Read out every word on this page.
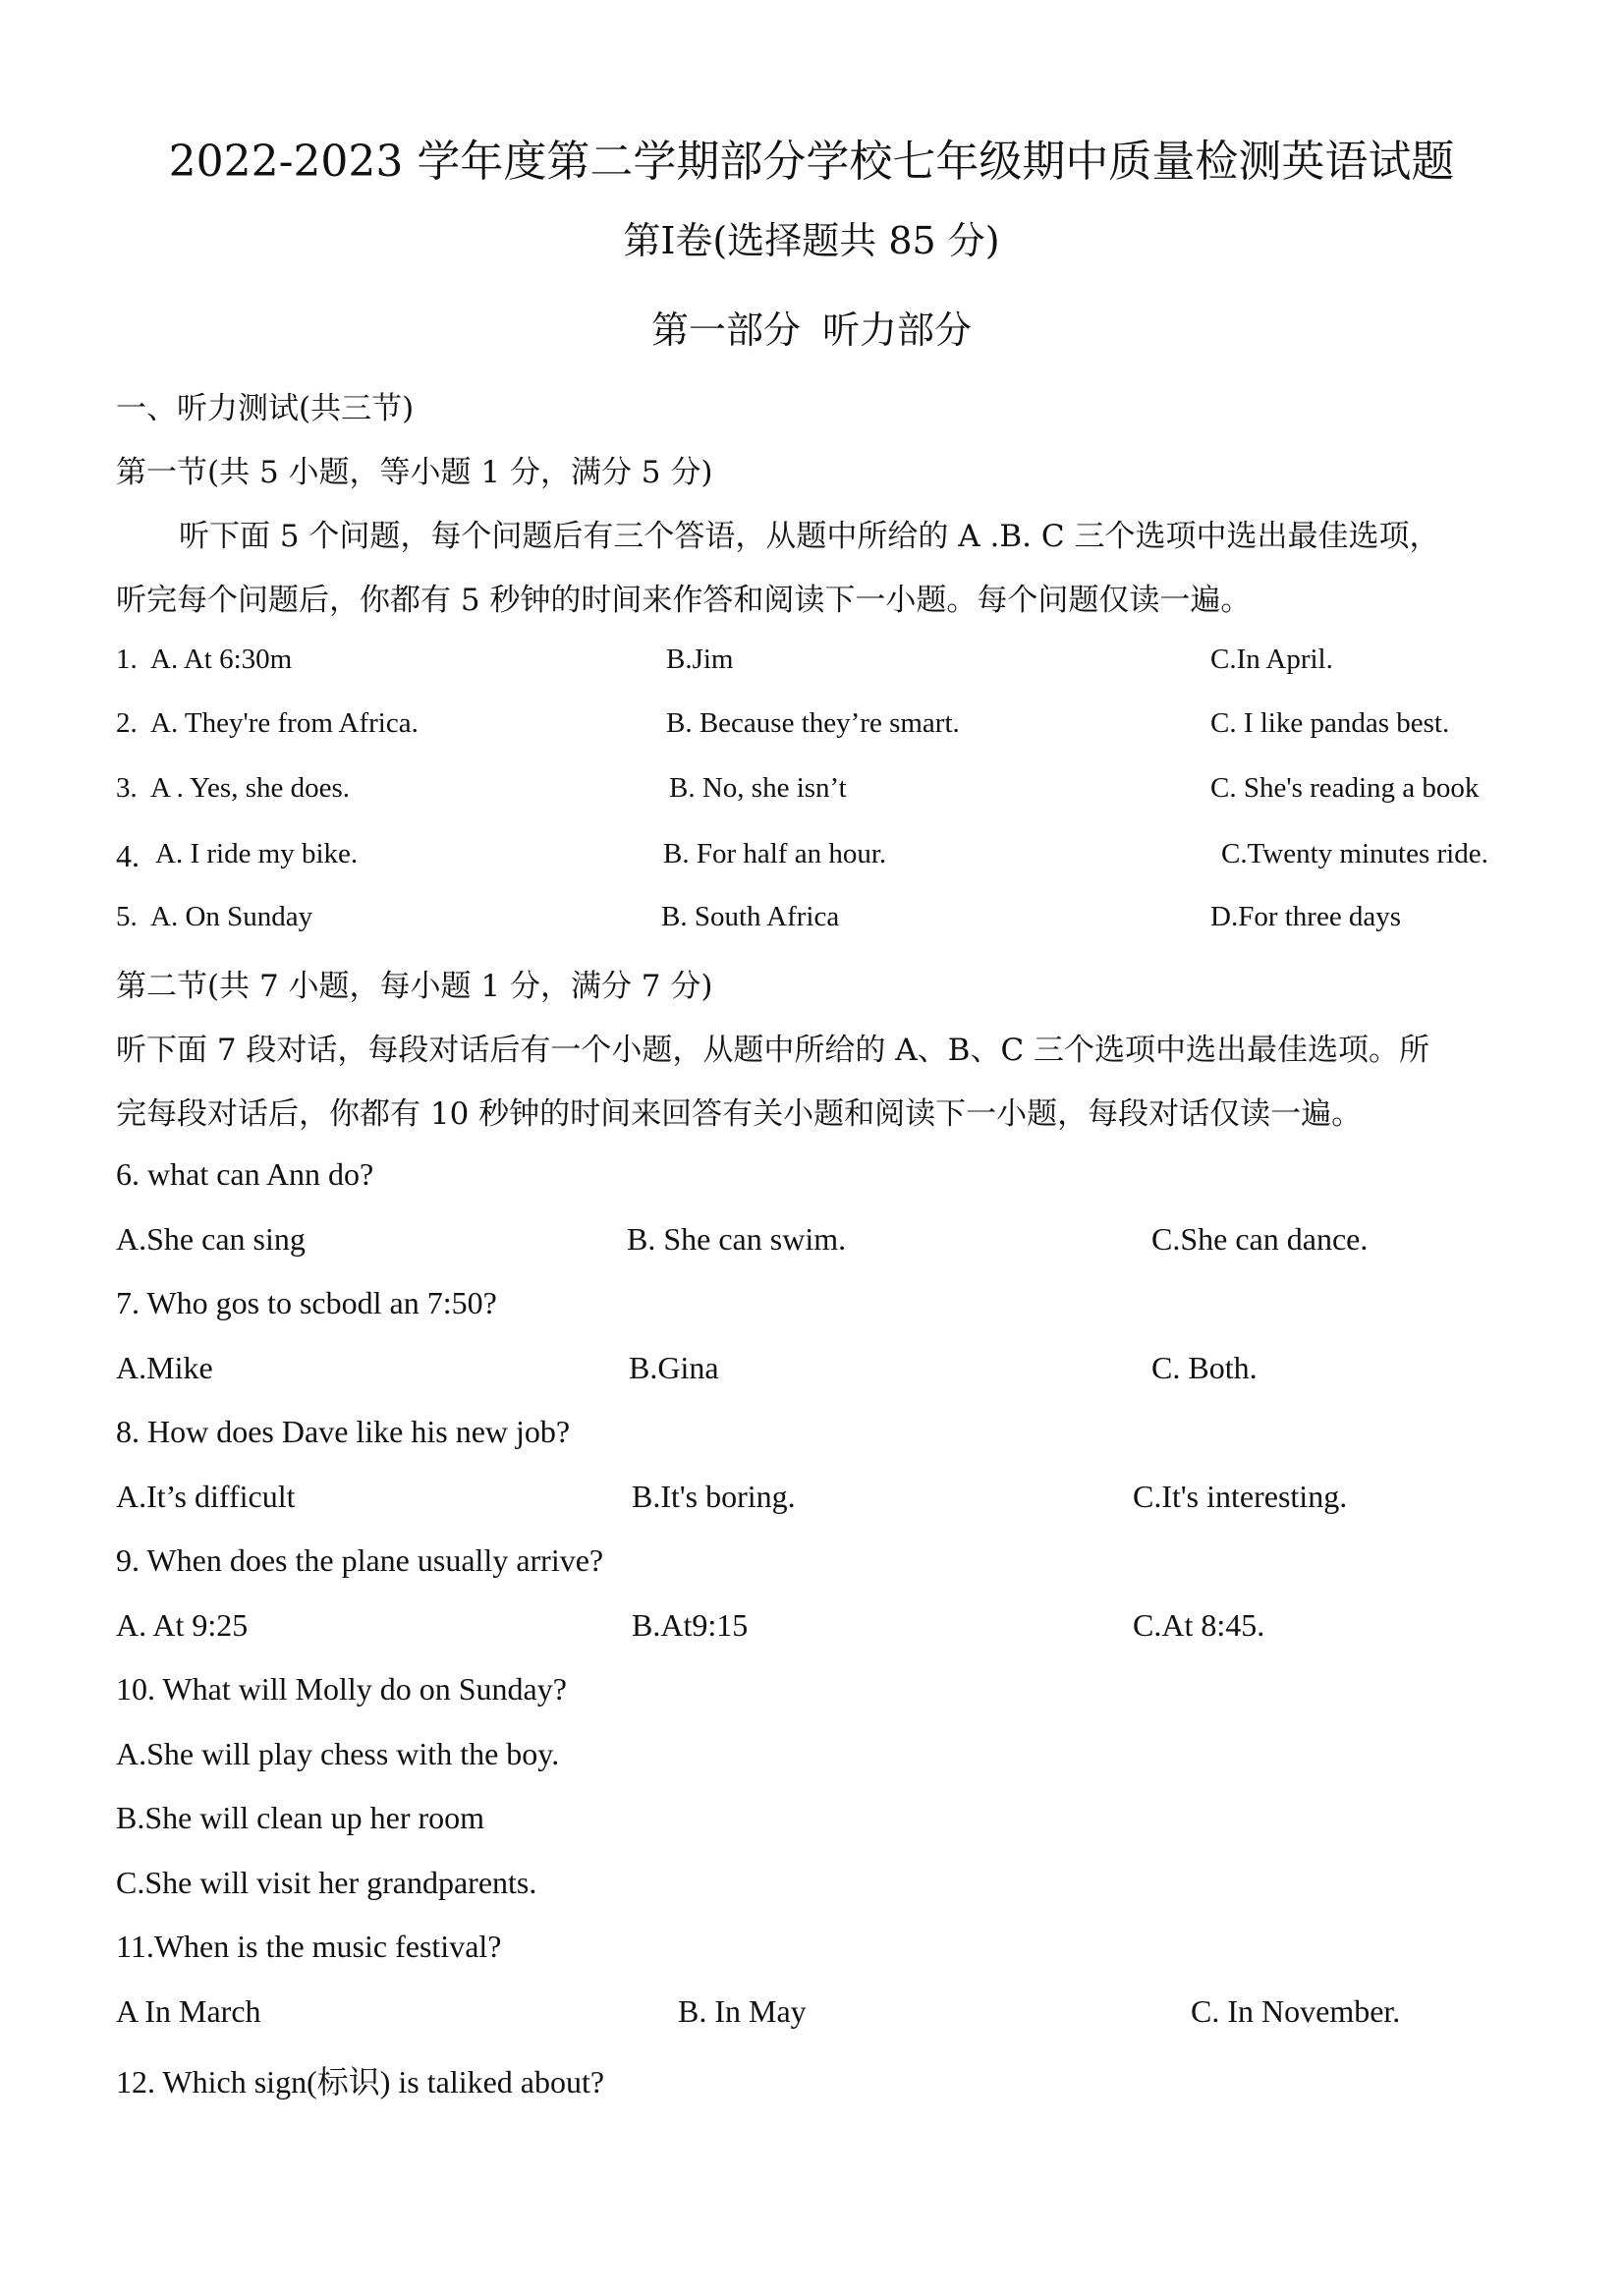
2022-2023 学年度第二学期部分学校七年级期中质量检测英语试题
第Ⅰ卷(选择题共 85 分)
第一部分 听力部分
一、听力测试(共三节)
第一节(共 5 小题，等小题 1 分，满分 5 分)
听下面 5 个问题，每个问题后有三个答语，从题中所给的 A .B. C 三个选项中选出最佳选项，
听完每个问题后，你都有 5 秒钟的时间来作答和阅读下一小题。每个问题仅读一遍。
1. A. At 6:30m	B.Jim	C.In April.
2. A. They're from Africa.	B. Because they’re smart.	C. I like pandas best.
3. A . Yes, she does.	B. No, she isn’t	C. She's reading a book
4. A. I ride my bike.	B. For half an hour.	C.Twenty minutes ride.
5. A. On Sunday	B. South Africa	D.For three days
第二节(共 7 小题，每小题 1 分，满分 7 分)
听下面 7 段对话，每段对话后有一个小题，从题中所给的 A、B、C 三个选项中选出最佳选项。所
完每段对话后，你都有 10 秒钟的时间来回答有关小题和阅读下一小题，每段对话仅读一遍。
6. what can Ann do?
A.She can sing	B. She can swim.	C.She can dance.
7. Who gos to scbodl an 7:50?
A.Mike	B.Gina	C. Both.
8. How does Dave like his new job?
A.It’s difficult	B.It's boring.	C.It's interesting.
9. When does the plane usually arrive?
A. At 9:25	B.At9:15	C.At 8:45.
10. What will Molly do on Sunday?
A.She will play chess with the boy.
B.She will clean up her room
C.She will visit her grandparents.
11.When is the music festival?
A In March	B. In May	C. In November.
12. Which sign(标识) is taliked about?
